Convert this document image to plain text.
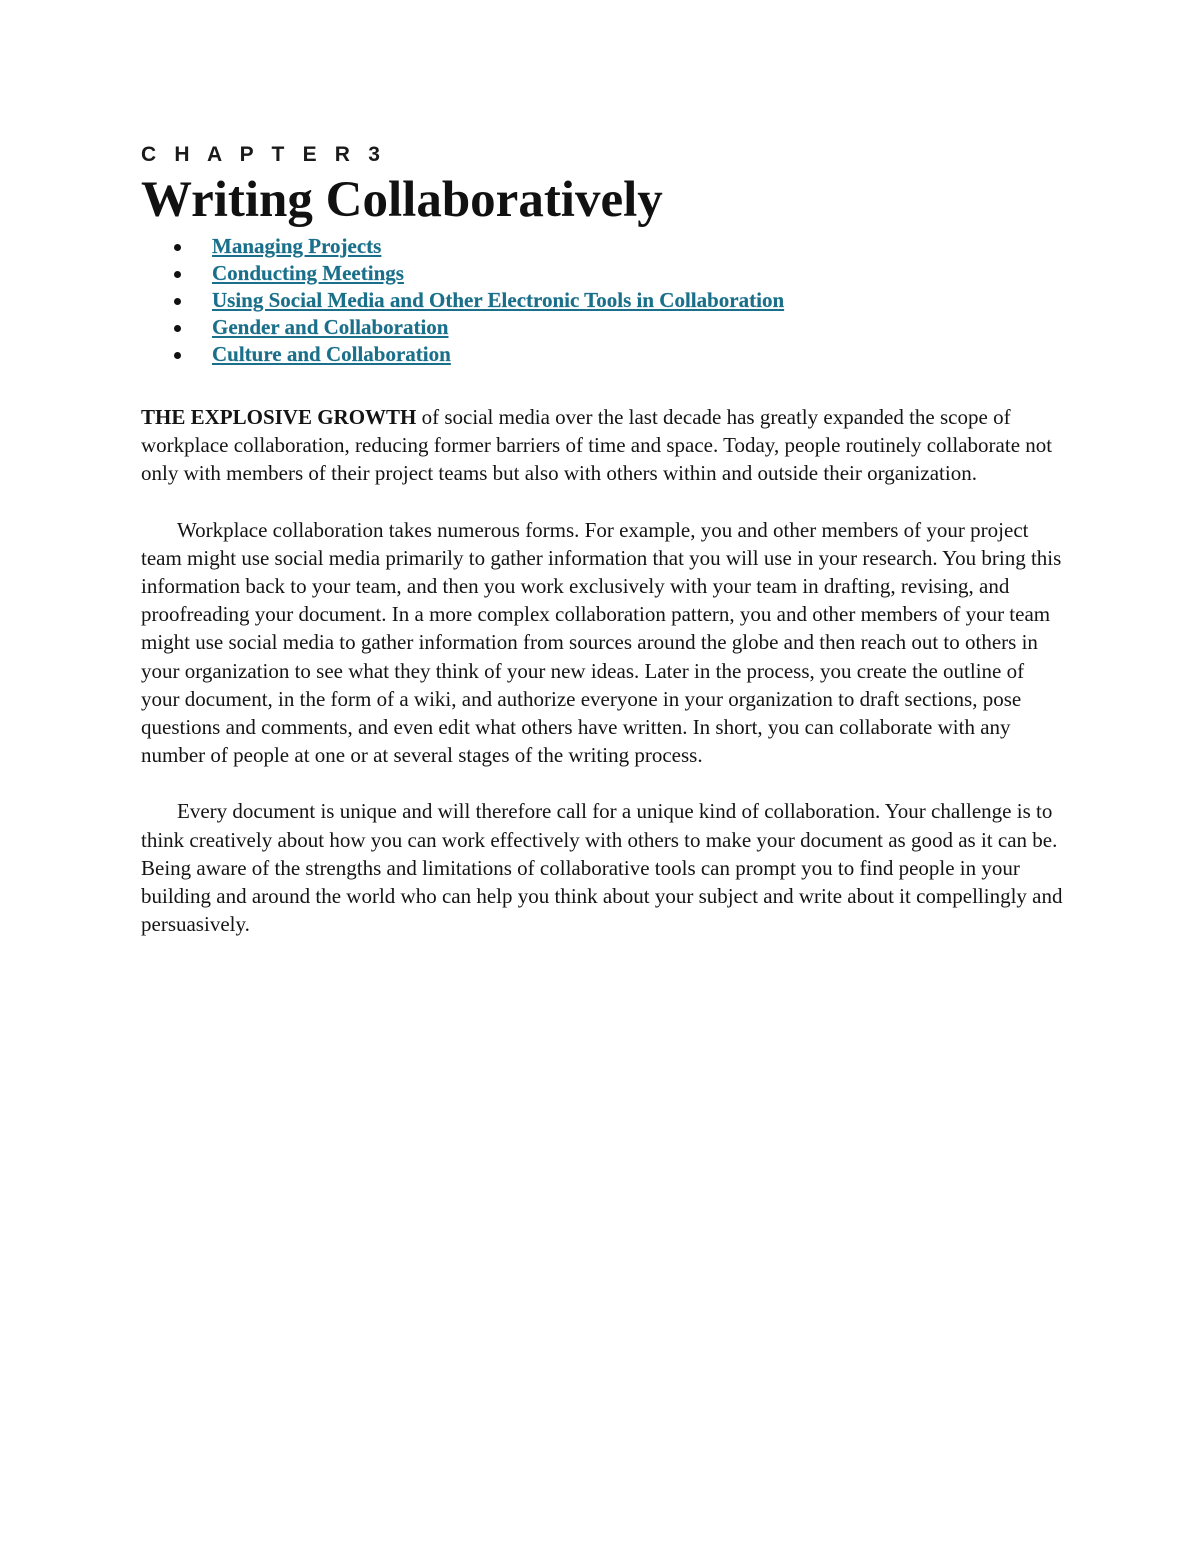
C H A P T E R 3

Writing Collaboratively
Managing Projects
Conducting Meetings
Using Social Media and Other Electronic Tools in Collaboration
Gender and Collaboration
Culture and Collaboration

THE EXPLOSIVE GROWTH of social media over the last decade has greatly expanded the scope of workplace collaboration, reducing former barriers of time and space. Today, people routinely collaborate not only with members of their project teams but also with others within and outside their organization.

Workplace collaboration takes numerous forms. For example, you and other members of your project team might use social media primarily to gather information that you will use in your research. You bring this information back to your team, and then you work exclusively with your team in drafting, revising, and proofreading your document. In a more complex collaboration pattern, you and other members of your team might use social media to gather information from sources around the globe and then reach out to others in your organization to see what they think of your new ideas. Later in the process, you create the outline of your document, in the form of a wiki, and authorize everyone in your organization to draft sections, pose questions and comments, and even edit what others have written. In short, you can collaborate with any number of people at one or at several stages of the writing process.

Every document is unique and will therefore call for a unique kind of collaboration. Your challenge is to think creatively about how you can work effectively with others to make your document as good as it can be. Being aware of the strengths and limitations of collaborative tools can prompt you to find people in your building and around the world who can help you think about your subject and write about it compellingly and persuasively.
